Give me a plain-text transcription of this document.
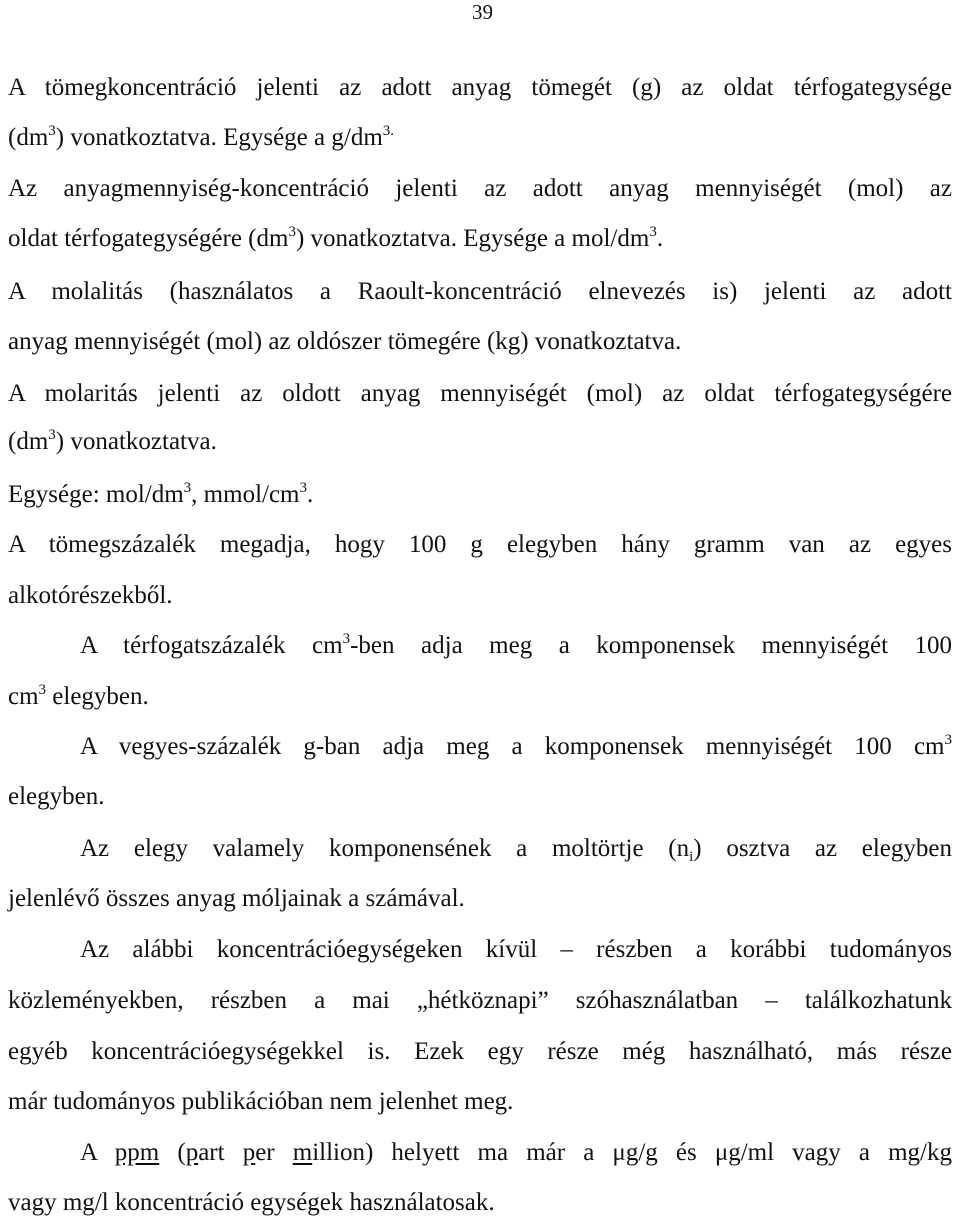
39
A tömegkoncentráció jelenti az adott anyag tömegét (g) az oldat térfogategysége
$(dm^3)$ vonatkoztatva. Egysége a $g/dm^{3.}$
Az anyagmennyiség-koncentráció jelenti az adott anyag mennyiségét (mol) az
oldat térfogategységére $(dm^3)$ vonatkoztatva. Egysége a mol/$dm^3$.
A molalitás (használatos a Raoult-koncentráció elnevezés is) jelenti az adott
anyag mennyiségét (mol) az oldószer tömegére (kg) vonatkoztatva.
A molaritás jelenti az oldott anyag mennyiségét (mol) az oldat térfogategységére
$(dm^3)$ vonatkoztatva.
Egysége: mol/$dm^3$, mmol/$cm^3$.
A tömegszázalék megadja, hogy 100 g elegyben hány gramm van az egyes
alkotórészekből.
A térfogatszázalék $cm^3$-ben adja meg a komponensek mennyiségét 100
$cm^3$ elegyben.
A vegyes-százalék g-ban adja meg a komponensek mennyiségét 100 $cm^3$
elegyben.
Az elegy valamely komponensének a moltörtje $(n_i)$ osztva az elegyben
jelenlévő összes anyag móljainak a számával.
Az alábbi koncentrációegységeken kívül – részben a korábbi tudományos
közleményekben, részben a mai „hétköznapi” szóhasználatban – találkozhatunk
egyéb koncentrációegységekkel is. Ezek egy része még használható, más része
már tudományos publikációban nem jelenhet meg.
A ppm (part per million) helyett ma már a μg/g és μg/ml vagy a mg/kg
vagy mg/l koncentráció egységek használatosak.
